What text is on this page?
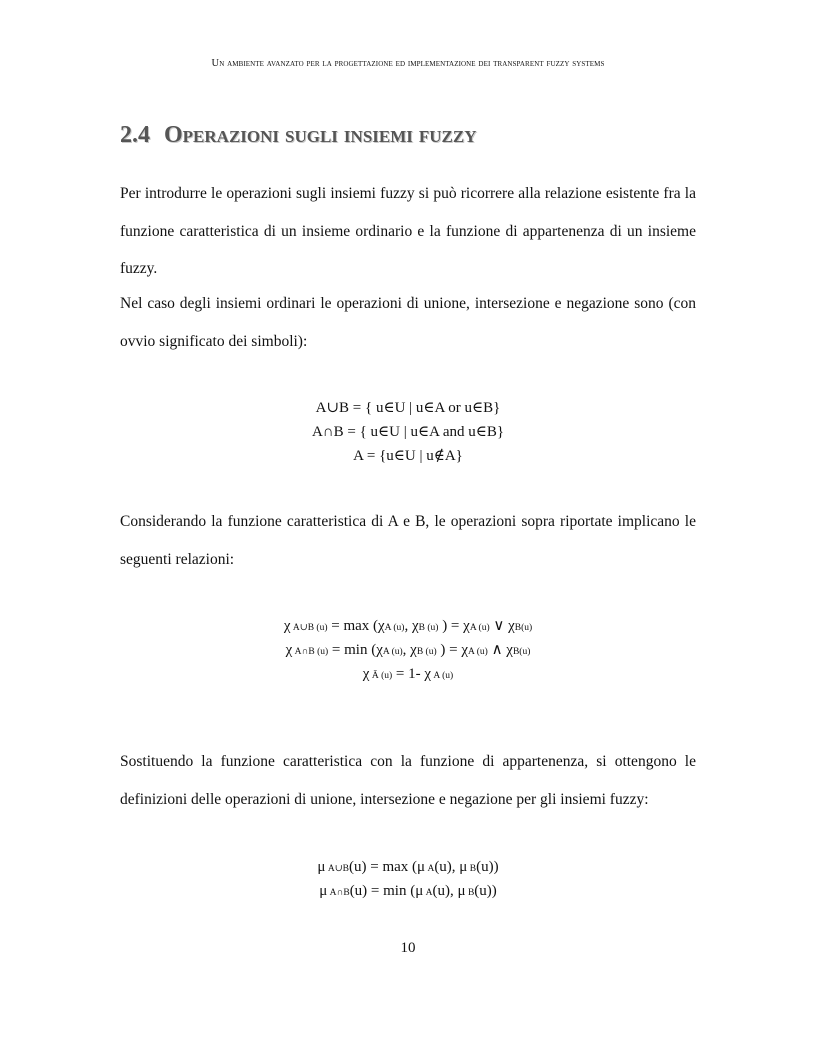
Un ambiente avanzato per la progettazione ed implementazione dei transparent fuzzy systems
2.4 Operazioni sugli insiemi fuzzy

Per introdurre le operazioni sugli insiemi fuzzy si può ricorrere alla relazione esistente fra la funzione caratteristica di un insieme ordinario e la funzione di appartenenza di un insieme fuzzy.

Nel caso degli insiemi ordinari le operazioni di unione, intersezione e negazione sono (con ovvio significato dei simboli):

A∪B = { u∈U | u∈A or u∈B}
A∩B = { u∈U | u∈A and u∈B}
A = {u∈U | u∉A}

Considerando la funzione caratteristica di A e B, le operazioni sopra riportate implicano le seguenti relazioni:

χ A∪B (u) = max (χA (u), χB (u) ) = χA (u) ∨ χB(u)
χ A∩B (u) = min (χA (u), χB (u) ) = χA (u) ∧ χB(u)
χ Ā (u) = 1- χ A (u)

Sostituendo la funzione caratteristica con la funzione di appartenenza, si ottengono le definizioni delle operazioni di unione, intersezione e negazione per gli insiemi fuzzy:

μ A∪B(u) = max (μ A(u), μ B(u))
μ A∩B(u) = min (μ A(u), μ B(u))
10
